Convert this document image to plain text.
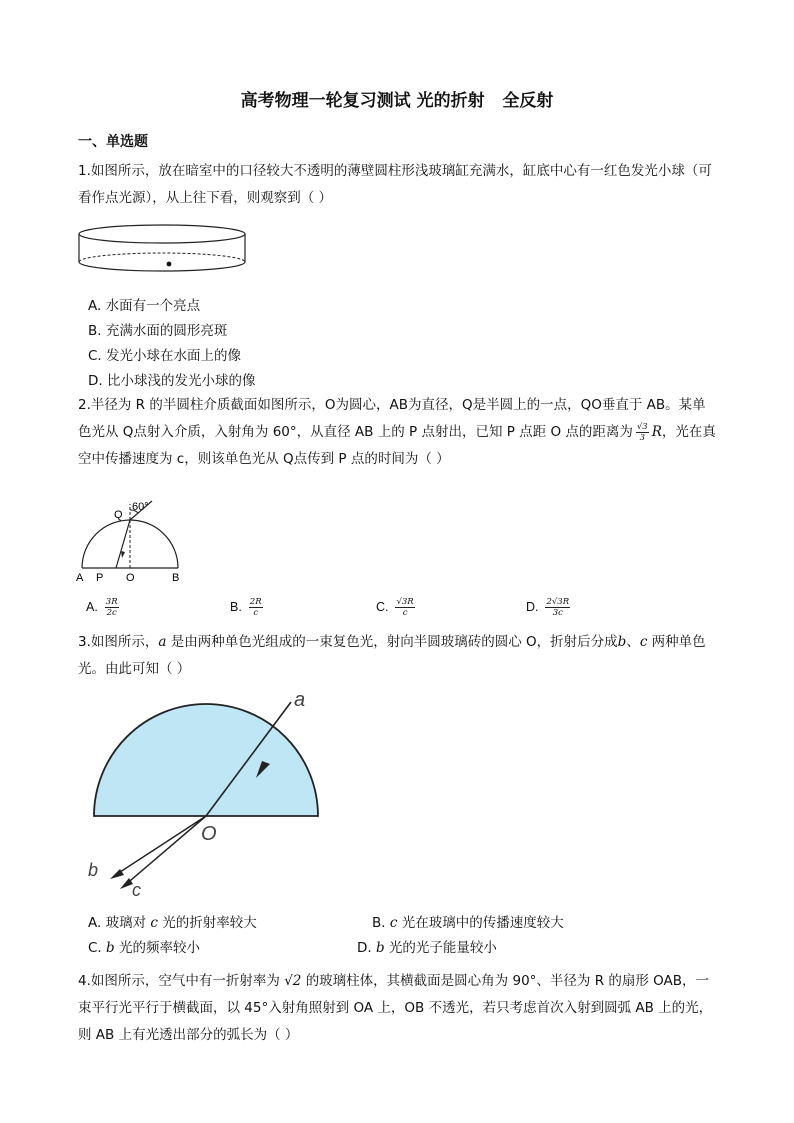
高考物理一轮复习测试 光的折射   全反射
一、单选题
1.如图所示，放在暗室中的口径较大不透明的薄壁圆柱形浅玻璃缸充满水，缸底中心有一红色发光小球（可
看作点光源），从上往下看，则观察到（ ）
A. 水面有一个亮点
B. 充满水面的圆形亮斑
C. 发光小球在水面上的像
D. 比小球浅的发光小球的像
2.半径为 R 的半圆柱介质截面如图所示，O为圆心，AB为直径，Q是半圆上的一点，QO垂直于 AB。某单
色光从 Q点射入介质，入射角为 60°，从直径 AB 上的 P 点射出，已知 P 点距 O 点的距离为 $\frac{√3}{3}$ R，光在真
空中传播速度为 c，则该单色光从 Q点传到 P 点的时间为（ ）
60°
Q
A P O	B
A. $\frac{3R}{2c}$	B. $\frac{2R}{c}$	C. $\frac{√3R}{c}$	D. $\frac{2√3R}{3c}$
3.如图所示，a 是由两种单色光组成的一束复色光，射向半圆玻璃砖的圆心 O，折射后分成b、c 两种单色
光。由此可知（ ）
a
O
b
c
A. 玻璃对 c 光的折射率较大	B. c 光在玻璃中的传播速度较大
C. b 光的频率较小	D. b 光的光子能量较小
4.如图所示，空气中有一折射率为 √2 的玻璃柱体，其横截面是圆心角为 90°、半径为 R 的扇形 OAB，一
束平行光平行于横截面，以 45°入射角照射到 OA 上，OB 不透光，若只考虑首次入射到圆弧 AB 上的光，
则 AB 上有光透出部分的弧长为（ ）
